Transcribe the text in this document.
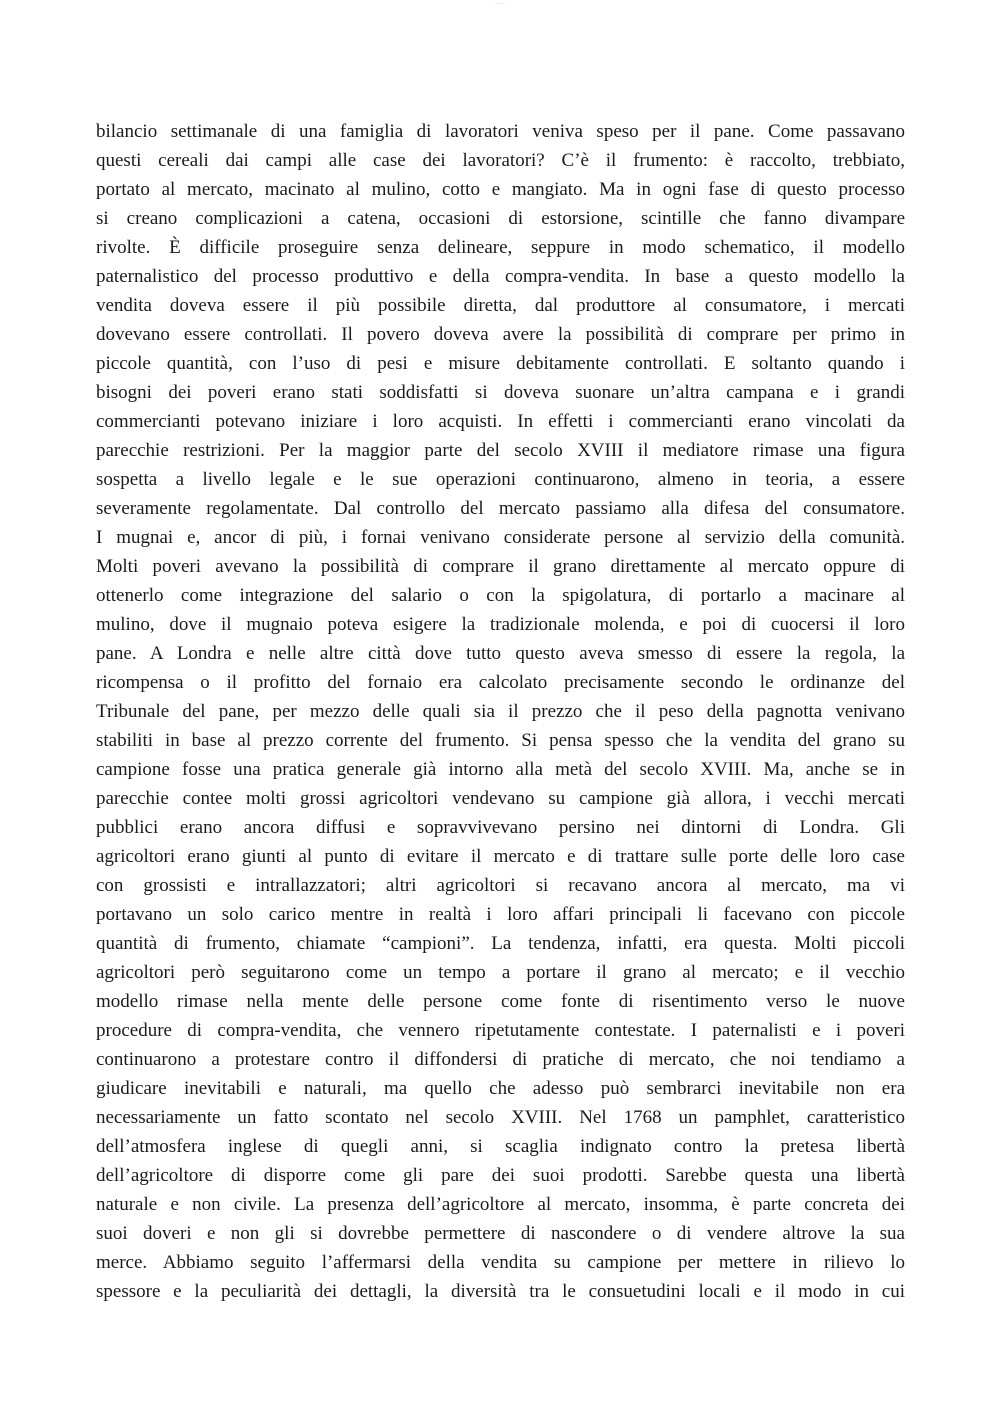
— —
bilancio settimanale di una famiglia di lavoratori veniva speso per il pane. Come passavano
questi cereali dai campi alle case dei lavoratori? C’è il frumento: è raccolto, trebbiato,
portato al mercato, macinato al mulino, cotto e mangiato. Ma in ogni fase di questo processo
si creano complicazioni a catena, occasioni di estorsione, scintille che fanno divampare
rivolte. È difficile proseguire senza delineare, seppure in modo schematico, il modello
paternalistico del processo produttivo e della compra-vendita. In base a questo modello la
vendita doveva essere il più possibile diretta, dal produttore al consumatore, i mercati
dovevano essere controllati. Il povero doveva avere la possibilità di comprare per primo in
piccole quantità, con l’uso di pesi e misure debitamente controllati. E soltanto quando i
bisogni dei poveri erano stati soddisfatti si doveva suonare un’altra campana e i grandi
commercianti potevano iniziare i loro acquisti. In effetti i commercianti erano vincolati da
parecchie restrizioni. Per la maggior parte del secolo XVIII il mediatore rimase una figura
sospetta a livello legale e le sue operazioni continuarono, almeno in teoria, a essere
severamente regolamentate. Dal controllo del mercato passiamo alla difesa del consumatore.
I mugnai e, ancor di più, i fornai venivano considerate persone al servizio della comunità.
Molti poveri avevano la possibilità di comprare il grano direttamente al mercato oppure di
ottenerlo come integrazione del salario o con la spigolatura, di portarlo a macinare al
mulino, dove il mugnaio poteva esigere la tradizionale molenda, e poi di cuocersi il loro
pane. A Londra e nelle altre città dove tutto questo aveva smesso di essere la regola, la
ricompensa o il profitto del fornaio era calcolato precisamente secondo le ordinanze del
Tribunale del pane, per mezzo delle quali sia il prezzo che il peso della pagnotta venivano
stabiliti in base al prezzo corrente del frumento. Si pensa spesso che la vendita del grano su
campione fosse una pratica generale già intorno alla metà del secolo XVIII. Ma, anche se in
parecchie contee molti grossi agricoltori vendevano su campione già allora, i vecchi mercati
pubblici erano ancora diffusi e sopravvivevano persino nei dintorni di Londra. Gli
agricoltori erano giunti al punto di evitare il mercato e di trattare sulle porte delle loro case
con grossisti e intrallazzatori; altri agricoltori si recavano ancora al mercato, ma vi
portavano un solo carico mentre in realtà i loro affari principali li facevano con piccole
quantità di frumento, chiamate “campioni”. La tendenza, infatti, era questa. Molti piccoli
agricoltori però seguitarono come un tempo a portare il grano al mercato; e il vecchio
modello rimase nella mente delle persone come fonte di risentimento verso le nuove
procedure di compra-vendita, che vennero ripetutamente contestate. I paternalisti e i poveri
continuarono a protestare contro il diffondersi di pratiche di mercato, che noi tendiamo a
giudicare inevitabili e naturali, ma quello che adesso può sembrarci inevitabile non era
necessariamente un fatto scontato nel secolo XVIII. Nel 1768 un pamphlet, caratteristico
dell’atmosfera inglese di quegli anni, si scaglia indignato contro la pretesa libertà
dell’agricoltore di disporre come gli pare dei suoi prodotti. Sarebbe questa una libertà
naturale e non civile. La presenza dell’agricoltore al mercato, insomma, è parte concreta dei
suoi doveri e non gli si dovrebbe permettere di nascondere o di vendere altrove la sua
merce. Abbiamo seguito l’affermarsi della vendita su campione per mettere in rilievo lo
spessore e la peculiarità dei dettagli, la diversità tra le consuetudini locali e il modo in cui
